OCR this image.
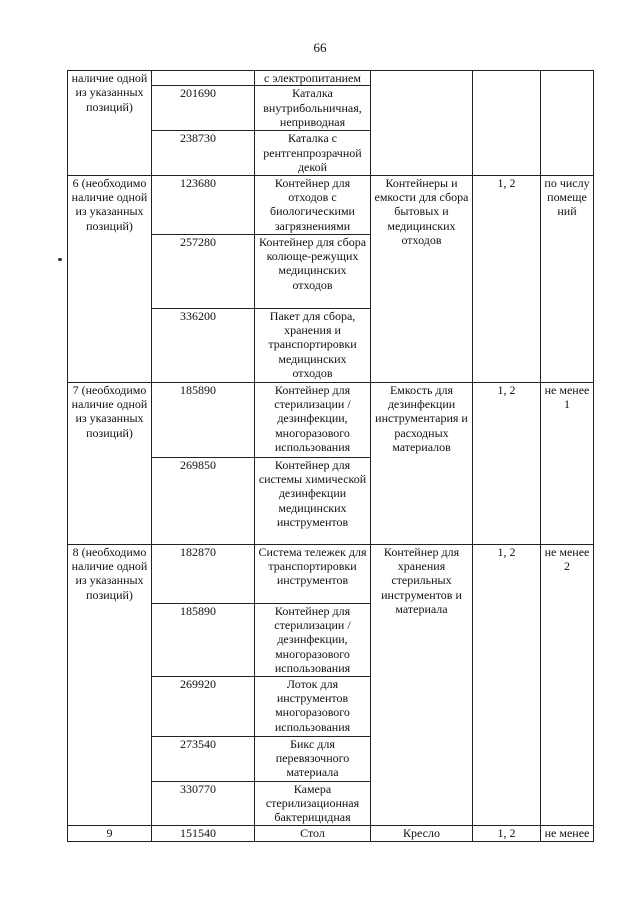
66
наличие одной из указанных позиций)		с электропитанием			
	201690	Каталка внутрибольничная, неприводная			
	238730	Каталка с рентгенпрозрачной декой			
6 (необходимо наличие одной из указанных позиций)	123680	Контейнер для отходов с биологическими загрязнениями	Контейнеры и емкости для сбора бытовых и медицинских отходов	1, 2	по числу помеще ний
	257280	Контейнер для сбора колюще-режущих медицинских отходов			
	336200	Пакет для сбора, хранения и транспортировки медицинских отходов			
7 (необходимо наличие одной из указанных позиций)	185890	Контейнер для стерилизации /дезинфекции, многоразового использования	Емкость для дезинфекции инструментария и расходных материалов	1, 2	не менее 1
	269850	Контейнер для системы химической дезинфекции медицинских инструментов			
8 (необходимо наличие одной из указанных позиций)	182870	Система тележек для транспортировки инструментов	Контейнер для хранения стерильных инструментов и материала	1, 2	не менее 2
	185890	Контейнер для стерилизации /дезинфекции, многоразового использования			
	269920	Лоток для инструментов многоразового использования			
	273540	Бикс для перевязочного материала			
	330770	Камера стерилизационная бактерицидная			
9	151540	Стол	Кресло	1, 2	не менее
